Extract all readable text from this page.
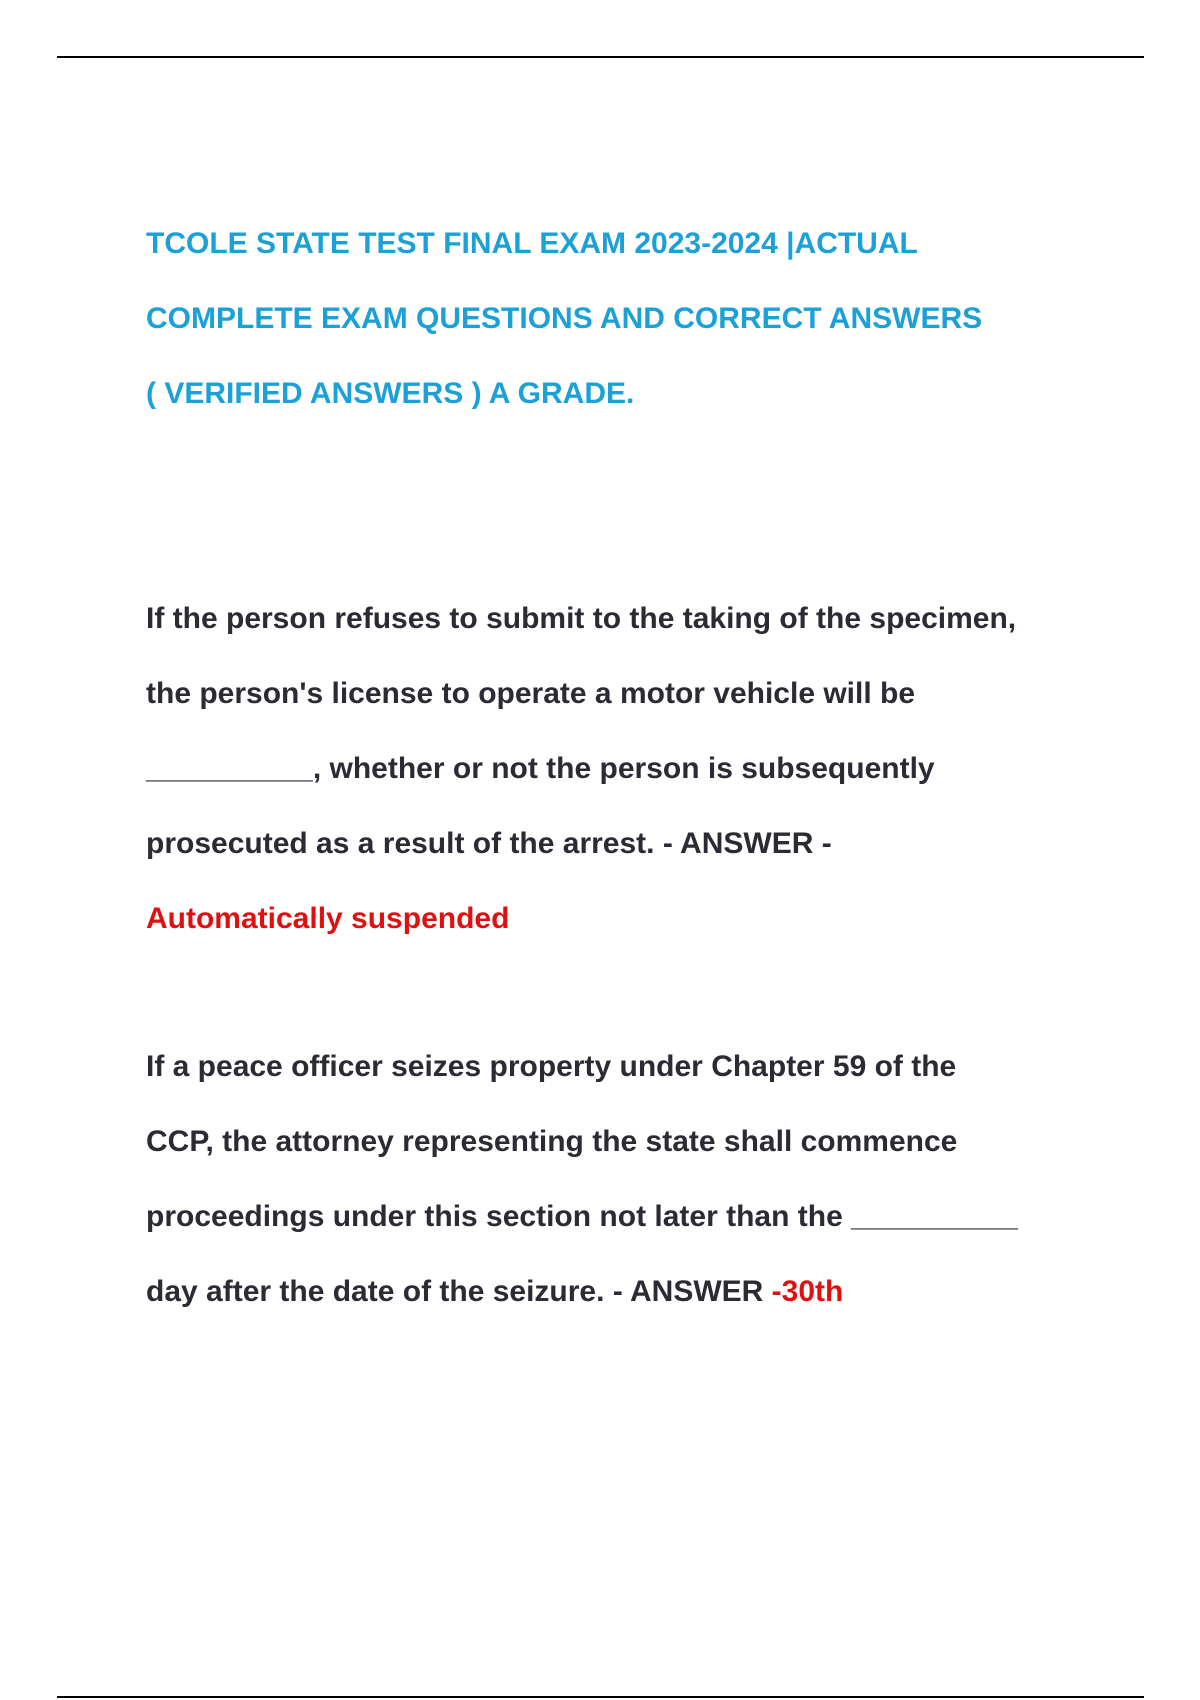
TCOLE STATE TEST FINAL EXAM 2023-2024 |ACTUAL
COMPLETE EXAM QUESTIONS AND CORRECT ANSWERS
( VERIFIED ANSWERS ) A GRADE.

If the person refuses to submit to the taking of the specimen,
the person's license to operate a motor vehicle will be
__________, whether or not the person is subsequently
prosecuted as a result of the arrest. - ANSWER -
Automatically suspended

If a peace officer seizes property under Chapter 59 of the
CCP, the attorney representing the state shall commence
proceedings under this section not later than the __________
day after the date of the seizure. - ANSWER -30th
